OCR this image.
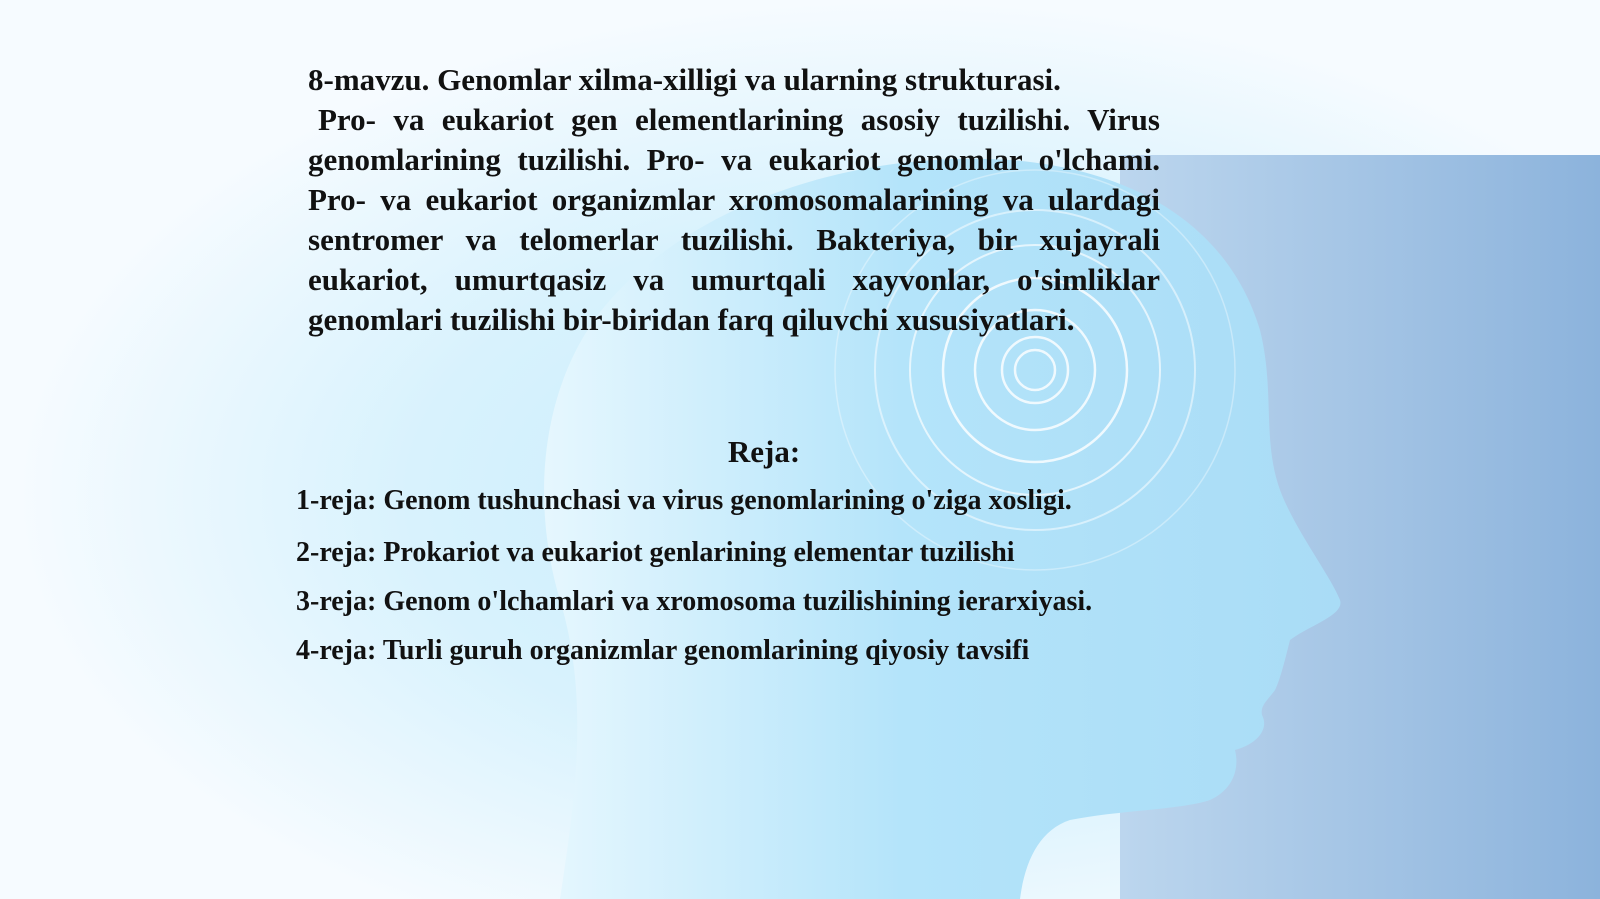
8-mavzu. Genomlar xilma-xilligi va ularning strukturasi.
Pro- va eukariot gen elementlarining asosiy tuzilishi. Virus genomlarining tuzilishi. Pro- va eukariot genomlar o'lchami. Pro- va eukariot organizmlar xromosomalarining va ulardagi sentromer va telomerlar tuzilishi. Bakteriya, bir xujayrali eukariot, umurtqasiz va umurtqali xayvonlar, o'simliklar genomlari tuzilishi bir-biridan farq qiluvchi xususiyatlari.

Reja:
1-reja: Genom tushunchasi va virus genomlarining o'ziga xosligi.
2-reja: Prokariot va eukariot genlarining elementar tuzilishi
3-reja: Genom o'lchamlari va xromosoma tuzilishining ierarxiyasi.
4-reja: Turli guruh organizmlar genomlarining qiyosiy tavsifi
